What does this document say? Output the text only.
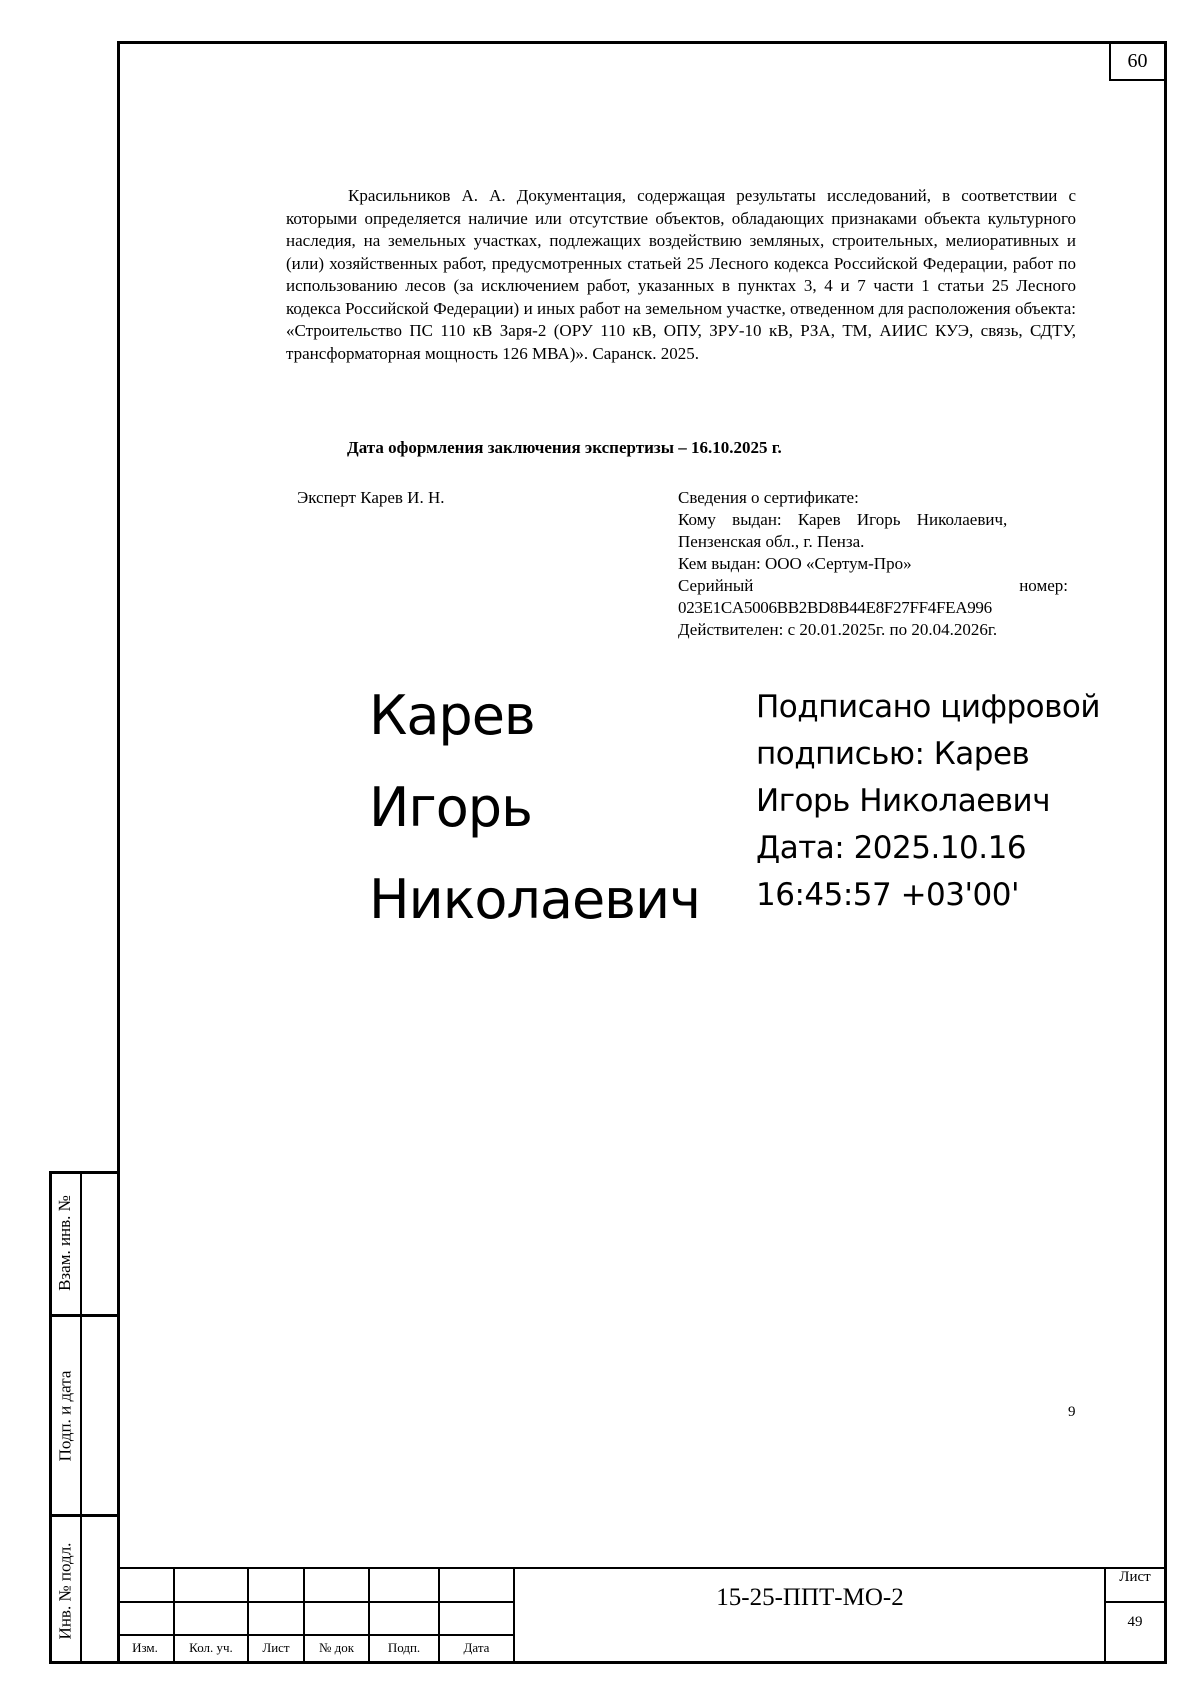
60

Красильников А. А. Документация, содержащая результаты исследований, в соответствии с которыми определяется наличие или отсутствие объектов, обладающих признаками объекта культурного наследия, на земельных участках, подлежащих воздействию земляных, строительных, мелиоративных и (или) хозяйственных работ, предусмотренных статьей 25 Лесного кодекса Российской Федерации, работ по использованию лесов (за исключением работ, указанных в пунктах 3, 4 и 7 части 1 статьи 25 Лесного кодекса Российской Федерации) и иных работ на земельном участке, отведенном для расположения объекта: «Строительство ПС 110 кВ Заря-2 (ОРУ 110 кВ, ОПУ, ЗРУ-10 кВ, РЗА, ТМ, АИИС КУЭ, связь, СДТУ, трансформаторная мощность 126 МВА)». Саранск. 2025.

Дата оформления заключения экспертизы – 16.10.2025 г.
Эксперт Карев И. Н.	Сведения о сертификате:
Кому выдан: Карев Игорь Николаевич,
Пензенская обл., г. Пенза.
Кем выдан: ООО «Сертум-Про»
Серийный	номер:
023E1CA5006BB2BD8B44E8F27FF4FEA996
Действителен: с 20.01.2025г. по 20.04.2026г.
Карев
Игорь
Николаевич
Подписано цифровой
подписью: Карев
Игорь Николаевич
Дата: 2025.10.16
16:45:57 +03'00'
9
Взам. инв. №
Подп. и дата
Инв. № подл.
Изм.	Кол. уч.	Лист	№ док	Подп.	Дата
15-25-ППТ-МО-2
Лист
49
